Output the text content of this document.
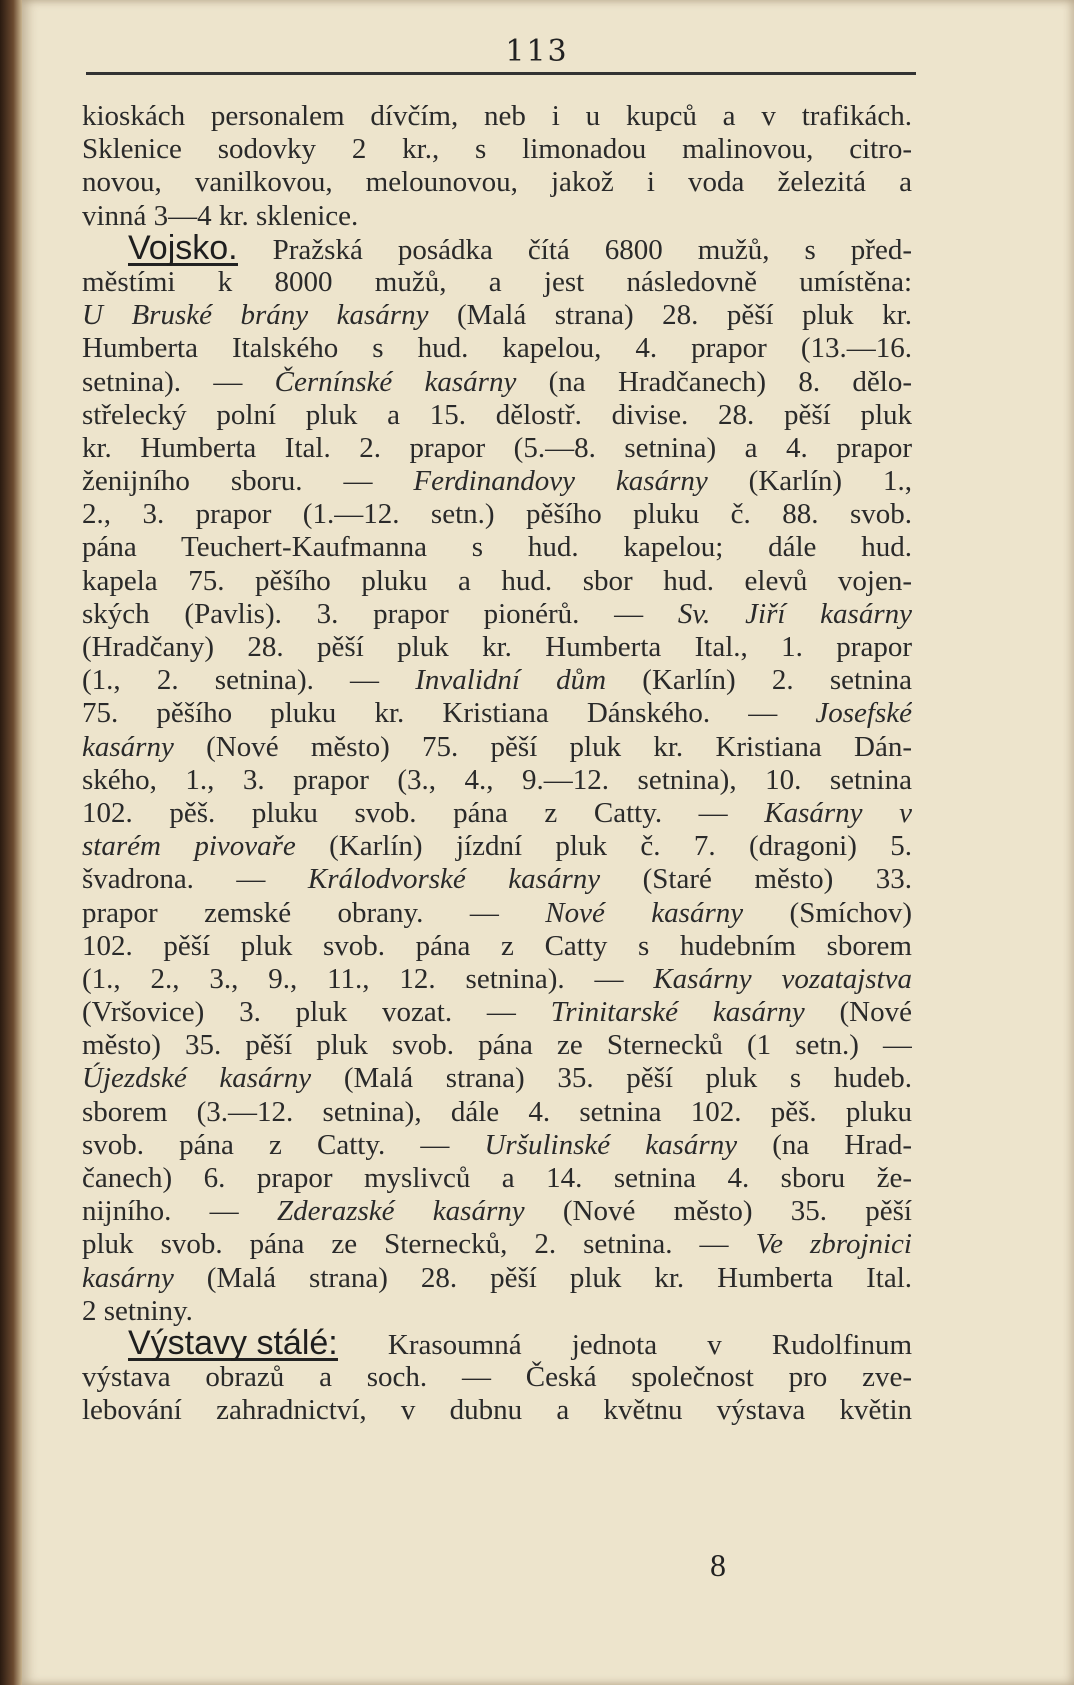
113
kioskách personalem dívčím, neb i u kupců a v trafikách.
Sklenice sodovky 2 kr., s limonadou malinovou, citro-
novou, vanilkovou, melounovou, jakož i voda železitá a
vinná 3—4 kr. sklenice.
Vojsko. Pražská posádka čítá 6800 mužů, s před-
městími k 8000 mužů, a jest následovně umístěna:
U Bruské brány kasárny (Malá strana) 28. pěší pluk kr.
Humberta Italského s hud. kapelou, 4. prapor (13.—16.
setnina). — Černínské kasárny (na Hradčanech) 8. dělo-
střelecký polní pluk a 15. dělostř. divise. 28. pěší pluk
kr. Humberta Ital. 2. prapor (5.—8. setnina) a 4. prapor
ženijního sboru. — Ferdinandovy kasárny (Karlín) 1.,
2., 3. prapor (1.—12. setn.) pěšího pluku č. 88. svob.
pána Teuchert-Kaufmanna s hud. kapelou; dále hud.
kapela 75. pěšího pluku a hud. sbor hud. elevů vojen-
ských (Pavlis). 3. prapor pionérů. — Sv. Jiří kasárny
(Hradčany) 28. pěší pluk kr. Humberta Ital., 1. prapor
(1., 2. setnina). — Invalidní dům (Karlín) 2. setnina
75. pěšího pluku kr. Kristiana Dánského. — Josefské
kasárny (Nové město) 75. pěší pluk kr. Kristiana Dán-
ského, 1., 3. prapor (3., 4., 9.—12. setnina), 10. setnina
102. pěš. pluku svob. pána z Catty. — Kasárny v
starém pivovaře (Karlín) jízdní pluk č. 7. (dragoni) 5.
švadrona. — Králodvorské kasárny (Staré město) 33.
prapor zemské obrany. — Nové kasárny (Smíchov)
102. pěší pluk svob. pána z Catty s hudebním sborem
(1., 2., 3., 9., 11., 12. setnina). — Kasárny vozatajstva
(Vršovice) 3. pluk vozat. — Trinitarské kasárny (Nové
město) 35. pěší pluk svob. pána ze Sternecků (1 setn.) —
Újezdské kasárny (Malá strana) 35. pěší pluk s hudeb.
sborem (3.—12. setnina), dále 4. setnina 102. pěš. pluku
svob. pána z Catty. — Uršulinské kasárny (na Hrad-
čanech) 6. prapor myslivců a 14. setnina 4. sboru že-
nijního. — Zderazské kasárny (Nové město) 35. pěší
pluk svob. pána ze Sternecků, 2. setnina. — Ve zbrojnici
kasárny (Malá strana) 28. pěší pluk kr. Humberta Ital.
2 setniny.
Výstavy stálé: Krasoumná jednota v Rudolfinum
výstava obrazů a soch. — Česká společnost pro zve-
lebování zahradnictví, v dubnu a květnu výstava květin
8
